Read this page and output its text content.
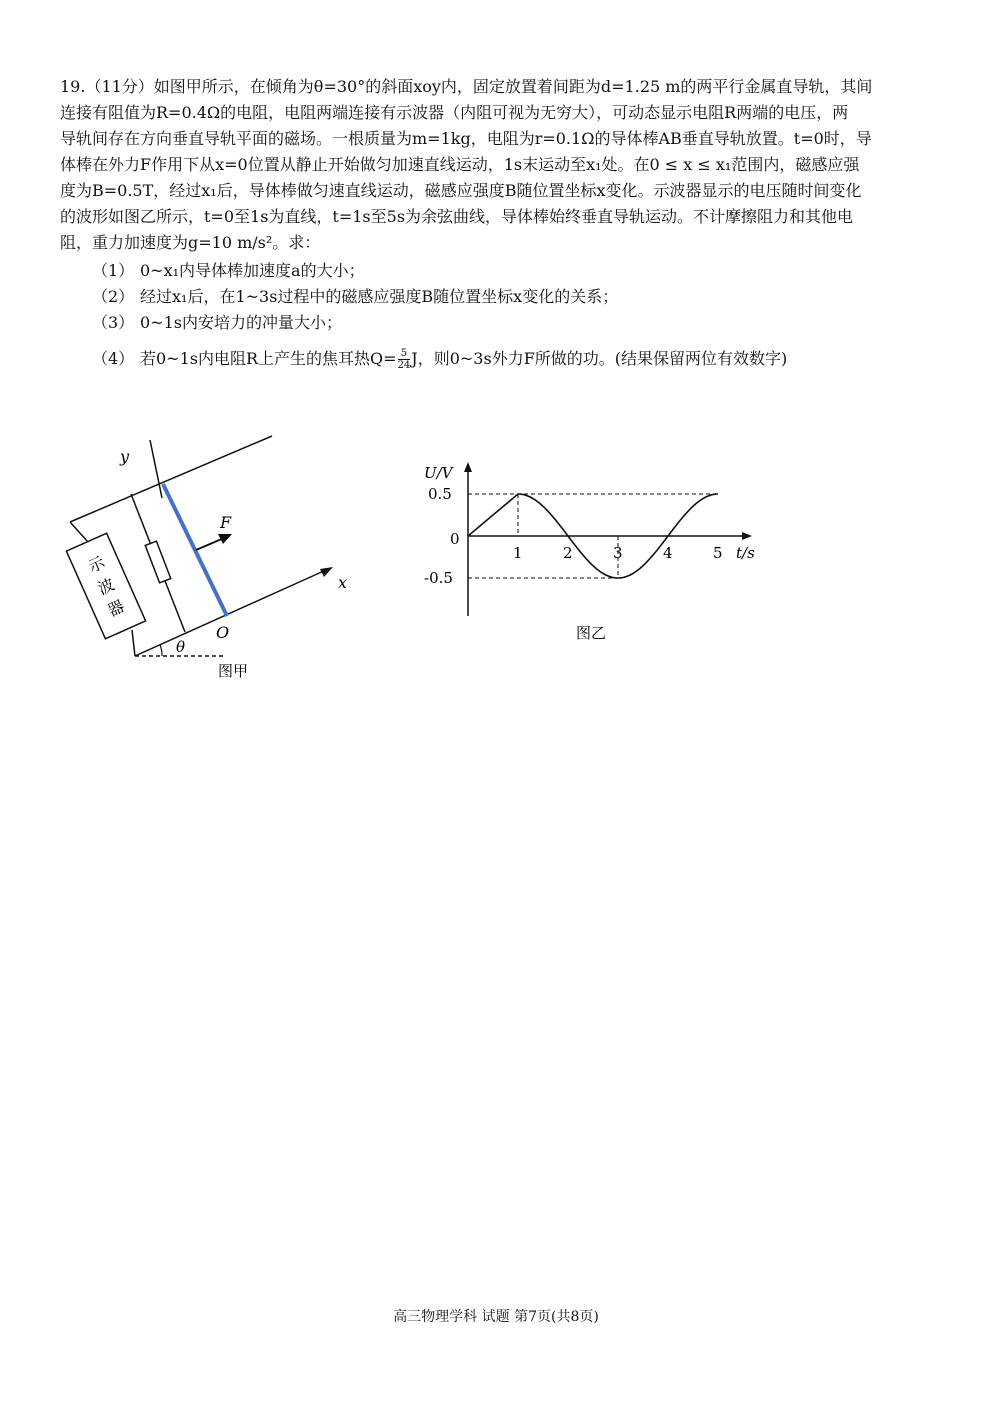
19.（11分）如图甲所示，在倾角为θ=30°的斜面xoy内，固定放置着间距为d=1.25 m的两平行金属直导轨，其间
连接有阻值为R=0.4Ω的电阻，电阻两端连接有示波器（内阻可视为无穷大），可动态显示电阻R两端的电压，两
导轨间存在方向垂直导轨平面的磁场。一根质量为m=1kg，电阻为r=0.1Ω的导体棒AB垂直导轨放置。t=0时，导
体棒在外力F作用下从x=0位置从静止开始做匀加速直线运动，1s末运动至x₁处。在0 ≤ x ≤ x₁范围内，磁感应强
度为B=0.5T，经过x₁后，导体棒做匀速直线运动，磁感应强度B随位置坐标x变化。示波器显示的电压随时间变化
的波形如图乙所示，t=0至1s为直线，t=1s至5s为余弦曲线，导体棒始终垂直导轨运动。不计摩擦阻力和其他电
阻，重力加速度为g=10 m/s²。求：
（1） 0~x₁内导体棒加速度a的大小；
（2） 经过x₁后，在1~3s过程中的磁感应强度B随位置坐标x变化的关系；
（3） 0~1s内安培力的冲量大小；
（4） 若0~1s内电阻R上产生的焦耳热$Q= \frac{5}{24}$ J，则0~3s外力F所做的功。(结果保留两位有效数字)
y
x
示
波
器
F
O
θ
图甲
1	2	3	4	5
0.5
-0.5
U/V
t/s
0
图乙
高三物理学科 试题 第7页(共8页)
